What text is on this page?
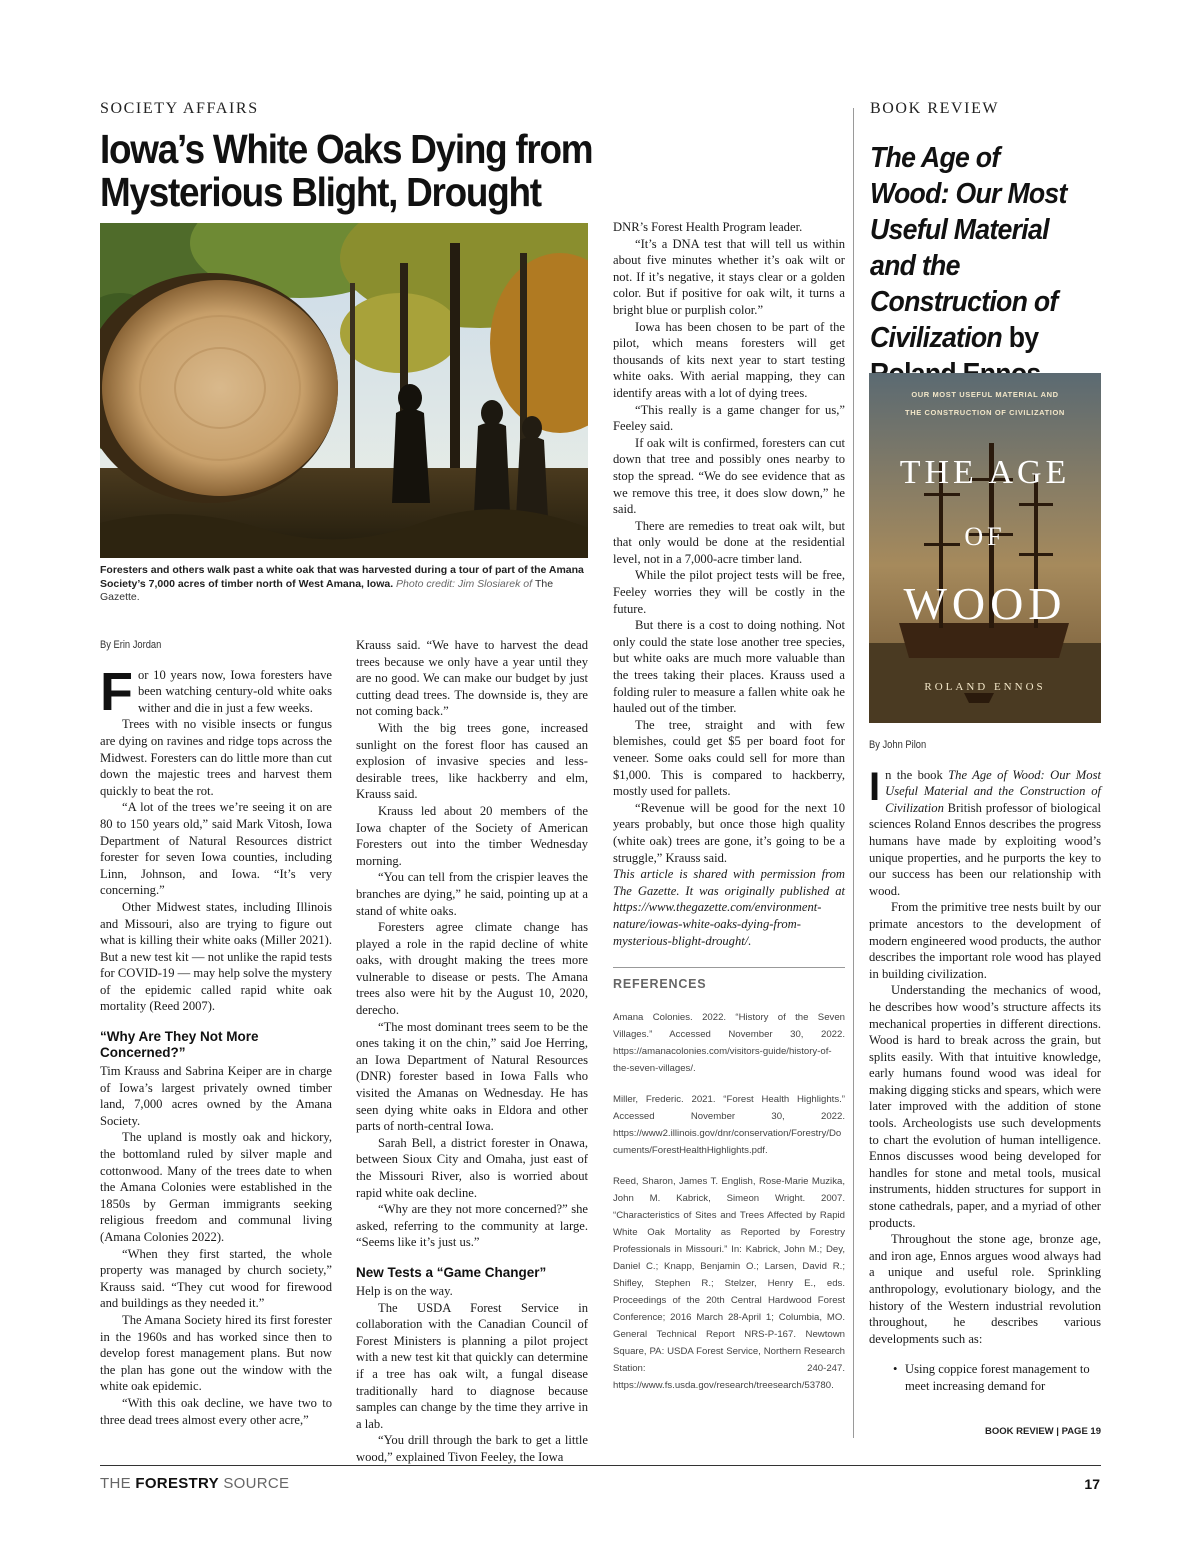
SOCIETY AFFAIRS	BOOK REVIEW
Iowa’s White Oaks Dying from Mysterious Blight, Drought
Foresters and others walk past a white oak that was harvested during a tour of part of the Amana Society’s 7,000 acres of timber north of West Amana, Iowa. Photo credit: Jim Slosiarek of The Gazette.
By Erin Jordan

For 10 years now, Iowa foresters have been watching century-old white oaks wither and die in just a few weeks.

Trees with no visible insects or fungus are dying on ravines and ridge tops across the Midwest. Foresters can do little more than cut down the majestic trees and harvest them quickly to beat the rot.

“A lot of the trees we’re seeing it on are 80 to 150 years old,” said Mark Vitosh, Iowa Department of Natural Resources district forester for seven Iowa counties, including Linn, Johnson, and Iowa. “It’s very concerning.”

Other Midwest states, including Illinois and Missouri, also are trying to figure out what is killing their white oaks (Miller 2021). But a new test kit — not unlike the rapid tests for COVID-19 — may help solve the mystery of the epidemic called rapid white oak mortality (Reed 2007).

“Why Are They Not More Concerned?”

Tim Krauss and Sabrina Keiper are in charge of Iowa’s largest privately owned timber land, 7,000 acres owned by the Amana Society.

The upland is mostly oak and hickory, the bottomland ruled by silver maple and cottonwood. Many of the trees date to when the Amana Colonies were established in the 1850s by German immigrants seeking religious freedom and communal living (Amana Colonies 2022).

“When they first started, the whole property was managed by church society,” Krauss said. “They cut wood for firewood and buildings as they needed it.”

The Amana Society hired its first forester in the 1960s and has worked since then to develop forest management plans. But now the plan has gone out the window with the white oak epidemic.

“With this oak decline, we have two to three dead trees almost every other acre,”

Krauss said. “We have to harvest the dead trees because we only have a year until they are no good. We can make our budget by just cutting dead trees. The downside is, they are not coming back.”

With the big trees gone, increased sunlight on the forest floor has caused an explosion of invasive species and less-desirable trees, like hackberry and elm, Krauss said.

Krauss led about 20 members of the Iowa chapter of the Society of American Foresters out into the timber Wednesday morning.

“You can tell from the crispier leaves the branches are dying,” he said, pointing up at a stand of white oaks.

Foresters agree climate change has played a role in the rapid decline of white oaks, with drought making the trees more vulnerable to disease or pests. The Amana trees also were hit by the August 10, 2020, derecho.

“The most dominant trees seem to be the ones taking it on the chin,” said Joe Herring, an Iowa Department of Natural Resources (DNR) forester based in Iowa Falls who visited the Amanas on Wednesday. He has seen dying white oaks in Eldora and other parts of north-central Iowa.

Sarah Bell, a district forester in Onawa, between Sioux City and Omaha, just east of the Missouri River, also is worried about rapid white oak decline.

“Why are they not more concerned?” she asked, referring to the community at large. “Seems like it’s just us.”

New Tests a “Game Changer”

Help is on the way.

The USDA Forest Service in collaboration with the Canadian Council of Forest Ministers is planning a pilot project with a new test kit that quickly can determine if a tree has oak wilt, a fungal disease traditionally hard to diagnose because samples can change by the time they arrive in a lab.

“You drill through the bark to get a little wood,” explained Tivon Feeley, the Iowa

DNR’s Forest Health Program leader.

“It’s a DNA test that will tell us within about five minutes whether it’s oak wilt or not. If it’s negative, it stays clear or a golden color. But if positive for oak wilt, it turns a bright blue or purplish color.”

Iowa has been chosen to be part of the pilot, which means foresters will get thousands of kits next year to start testing white oaks. With aerial mapping, they can identify areas with a lot of dying trees.

“This really is a game changer for us,” Feeley said.

If oak wilt is confirmed, foresters can cut down that tree and possibly ones nearby to stop the spread. “We do see evidence that as we remove this tree, it does slow down,” he said.

There are remedies to treat oak wilt, but that only would be done at the residential level, not in a 7,000-acre timber land.

While the pilot project tests will be free, Feeley worries they will be costly in the future.

But there is a cost to doing nothing. Not only could the state lose another tree species, but white oaks are much more valuable than the trees taking their places. Krauss used a folding ruler to measure a fallen white oak he hauled out of the timber.

The tree, straight and with few blemishes, could get $5 per board foot for veneer. Some oaks could sell for more than $1,000. This is compared to hackberry, mostly used for pallets.

“Revenue will be good for the next 10 years probably, but once those high quality (white oak) trees are gone, it’s going to be a struggle,” Krauss said.

This article is shared with permission from The Gazette. It was originally published at https://www.thegazette.com/environment-nature/iowas-white-oaks-dying-from-mysterious-blight-drought/.

REFERENCES
Amana Colonies. 2022. “History of the Seven Villages.” Accessed November 30, 2022. https://amanacolonies.com/visitors-guide/history-of-the-seven-villages/.
Miller, Frederic. 2021. “Forest Health Highlights.” Accessed November 30, 2022. https://www2.illinois.gov/dnr/conservation/Forestry/Documents/ForestHealthHighlights.pdf.
Reed, Sharon, James T. English, Rose-Marie Muzika, John M. Kabrick, Simeon Wright. 2007. “Characteristics of Sites and Trees Affected by Rapid White Oak Mortality as Reported by Forestry Professionals in Missouri.” In: Kabrick, John M.; Dey, Daniel C.; Knapp, Benjamin O.; Larsen, David R.; Shifley, Stephen R.; Stelzer, Henry E., eds. Proceedings of the 20th Central Hardwood Forest Conference; 2016 March 28-April 1; Columbia, MO. General Technical Report NRS-P-167. Newtown Square, PA: USDA Forest Service, Northern Research Station: 240-247. https://www.fs.usda.gov/research/treesearch/53780.
The Age of Wood: Our Most Useful Material and the Construction of Civilization by
OUR MOST USEFUL MATERIAL AND
THE CONSTRUCTION OF CIVILIZATION
THE AGE
OF
WOOD
ROLAND ENNOS
By John Pilon

In the book The Age of Wood: Our Most Useful Material and the Construction of Civilization British professor of biological sciences Roland Ennos describes the progress humans have made by exploiting wood’s unique properties, and he purports the key to our success has been our relationship with wood.

From the primitive tree nests built by our primate ancestors to the development of modern engineered wood products, the author describes the important role wood has played in building civilization.

Understanding the mechanics of wood, he describes how wood’s structure affects its mechanical properties in different directions. Wood is hard to break across the grain, but splits easily. With that intuitive knowledge, early humans found wood was ideal for making digging sticks and spears, which were later improved with the addition of stone tools. Archeologists use such developments to chart the evolution of human intelligence. Ennos discusses wood being developed for handles for stone and metal tools, musical instruments, hidden structures for support in stone cathedrals, paper, and a myriad of other products.

Throughout the stone age, bronze age, and iron age, Ennos argues wood always had a unique and useful role. Sprinkling anthropology, evolutionary biology, and the history of the Western industrial revolution throughout, he describes various developments such as:

• Using coppice forest management to meet increasing demand for
BOOK REVIEW | PAGE 19
THE FORESTRY SOURCE	17
